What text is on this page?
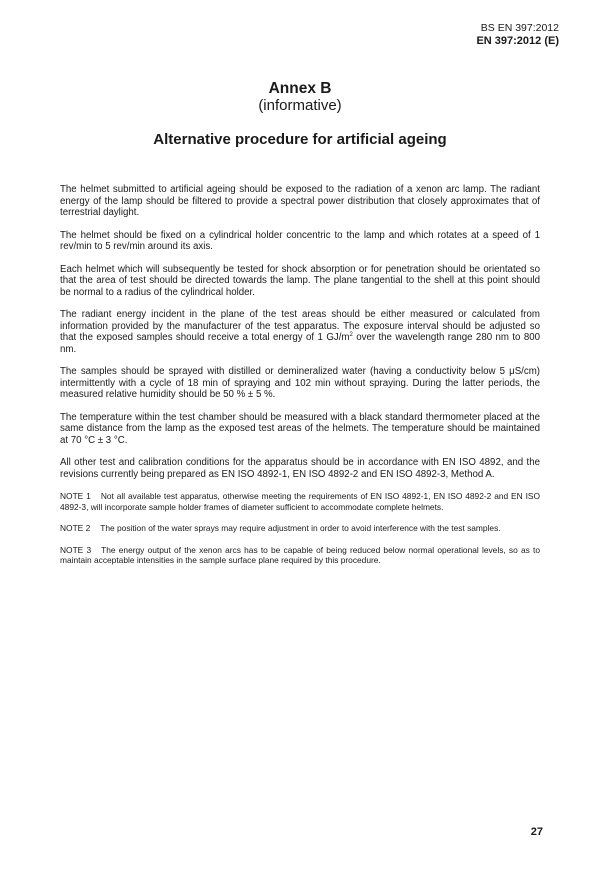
BS EN 397:2012
EN 397:2012 (E)
Annex B
(informative)
Alternative procedure for artificial ageing

The helmet submitted to artificial ageing should be exposed to the radiation of a xenon arc lamp. The radiant energy of the lamp should be filtered to provide a spectral power distribution that closely approximates that of terrestrial daylight.

The helmet should be fixed on a cylindrical holder concentric to the lamp and which rotates at a speed of 1 rev/min to 5 rev/min around its axis.

Each helmet which will subsequently be tested for shock absorption or for penetration should be orientated so that the area of test should be directed towards the lamp. The plane tangential to the shell at this point should be normal to a radius of the cylindrical holder.

The radiant energy incident in the plane of the test areas should be either measured or calculated from information provided by the manufacturer of the test apparatus. The exposure interval should be adjusted so that the exposed samples should receive a total energy of 1 $GJ/m^2$ over the wavelength range 280 nm to 800 nm.

The samples should be sprayed with distilled or demineralized water (having a conductivity below 5 μS/cm) intermittently with a cycle of 18 min of spraying and 102 min without spraying. During the latter periods, the measured relative humidity should be 50 % ± 5 %.

The temperature within the test chamber should be measured with a black standard thermometer placed at the same distance from the lamp as the exposed test areas of the helmets. The temperature should be maintained at 70 °C ± 3 °C.

All other test and calibration conditions for the apparatus should be in accordance with EN ISO 4892, and the revisions currently being prepared as EN ISO 4892-1, EN ISO 4892-2 and EN ISO 4892-3, Method A.

NOTE 1 Not all available test apparatus, otherwise meeting the requirements of EN ISO 4892-1, EN ISO 4892-2 and EN ISO 4892-3, will incorporate sample holder frames of diameter sufficient to accommodate complete helmets.
NOTE 2 The position of the water sprays may require adjustment in order to avoid interference with the test samples.
NOTE 3 The energy output of the xenon arcs has to be capable of being reduced below normal operational levels, so as to maintain acceptable intensities in the sample surface plane required by this procedure.
27
